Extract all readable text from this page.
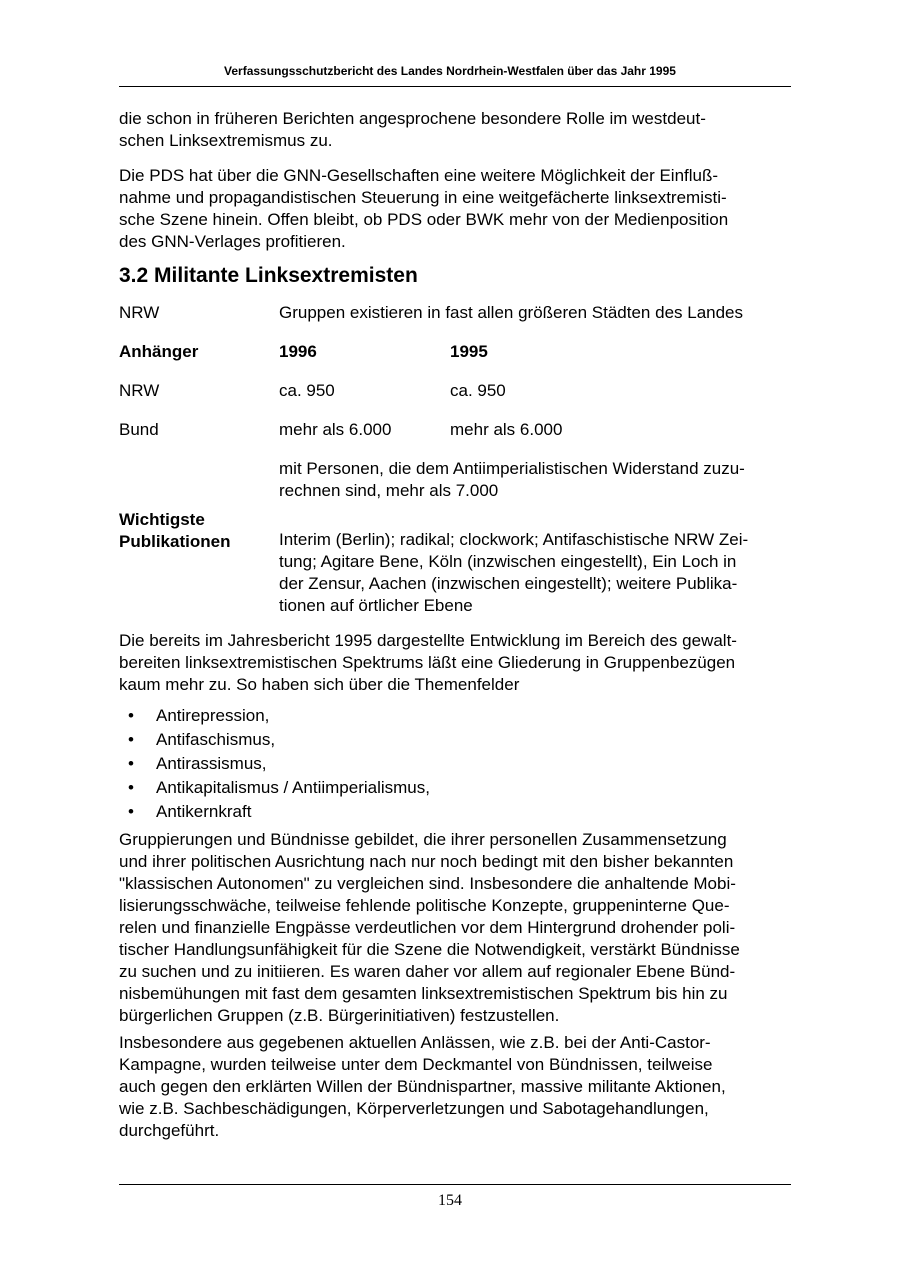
Verfassungsschutzbericht des Landes Nordrhein-Westfalen über das Jahr 1995
die schon in früheren Berichten angesprochene besondere Rolle im westdeut-
schen Linksextremismus zu.
Die PDS hat über die GNN-Gesellschaften eine weitere Möglichkeit der Einfluß-
nahme und propagandistischen Steuerung in eine weitgefächerte linksextremisti-
sche Szene hinein. Offen bleibt, ob PDS oder BWK mehr von der Medienposition
des GNN-Verlages profitieren.
3.2 Militante Linksextremisten
NRW	Gruppen existieren in fast allen größeren Städten des Landes
Anhänger	1996	1995
NRW	ca. 950	ca. 950
Bund	mehr als 6.000	mehr als 6.000
mit Personen, die dem Antiimperialistischen Widerstand zuzu-
rechnen sind, mehr als 7.000
Wichtigste
Publikationen	Interim (Berlin); radikal; clockwork; Antifaschistische NRW Zei-
tung; Agitare Bene, Köln (inzwischen eingestellt), Ein Loch in
der Zensur, Aachen (inzwischen eingestellt); weitere Publika-
tionen auf örtlicher Ebene
Die bereits im Jahresbericht 1995 dargestellte Entwicklung im Bereich des gewalt-
bereiten linksextremistischen Spektrums läßt eine Gliederung in Gruppenbezügen
kaum mehr zu. So haben sich über die Themenfelder
• Antirepression,
• Antifaschismus,
• Antirassismus,
• Antikapitalismus / Antiimperialismus,
• Antikernkraft
Gruppierungen und Bündnisse gebildet, die ihrer personellen Zusammensetzung
und ihrer politischen Ausrichtung nach nur noch bedingt mit den bisher bekannten
"klassischen Autonomen" zu vergleichen sind. Insbesondere die anhaltende Mobi-
lisierungsschwäche, teilweise fehlende politische Konzepte, gruppeninterne Que-
relen und finanzielle Engpässe verdeutlichen vor dem Hintergrund drohender poli-
tischer Handlungsunfähigkeit für die Szene die Notwendigkeit, verstärkt Bündnisse
zu suchen und zu initiieren. Es waren daher vor allem auf regionaler Ebene Bünd-
nisbemühungen mit fast dem gesamten linksextremistischen Spektrum bis hin zu
bürgerlichen Gruppen (z.B. Bürgerinitiativen) festzustellen.
Insbesondere aus gegebenen aktuellen Anlässen, wie z.B. bei der Anti-Castor-
Kampagne, wurden teilweise unter dem Deckmantel von Bündnissen, teilweise
auch gegen den erklärten Willen der Bündnispartner, massive militante Aktionen,
wie z.B. Sachbeschädigungen, Körperverletzungen und Sabotagehandlungen,
durchgeführt.
154
